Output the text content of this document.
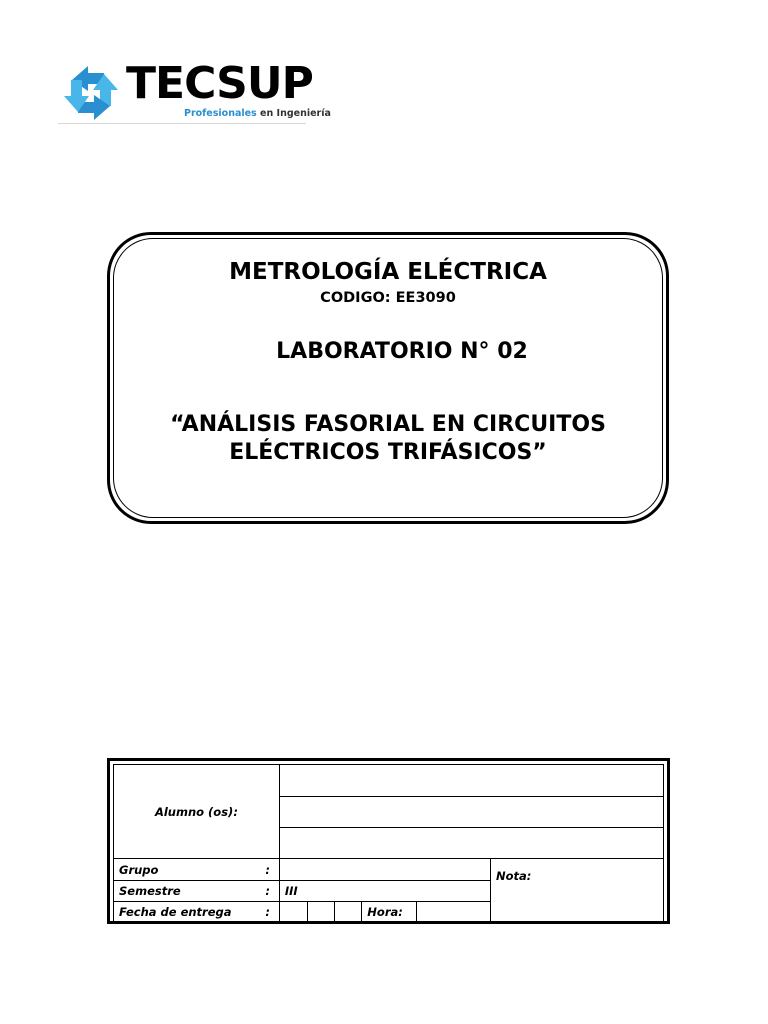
TECSUP
Profesionales en Ingeniería
METROLOGÍA ELÉCTRICA
CODIGO: EE3090
LABORATORIO N° 02
“ANÁLISIS FASORIAL EN CIRCUITOS
ELÉCTRICOS TRIFÁSICOS”
Alumno (os):							

Grupo	:						Nota:
Semestre	:	III					
Fecha de entrega	:				Hora:		
